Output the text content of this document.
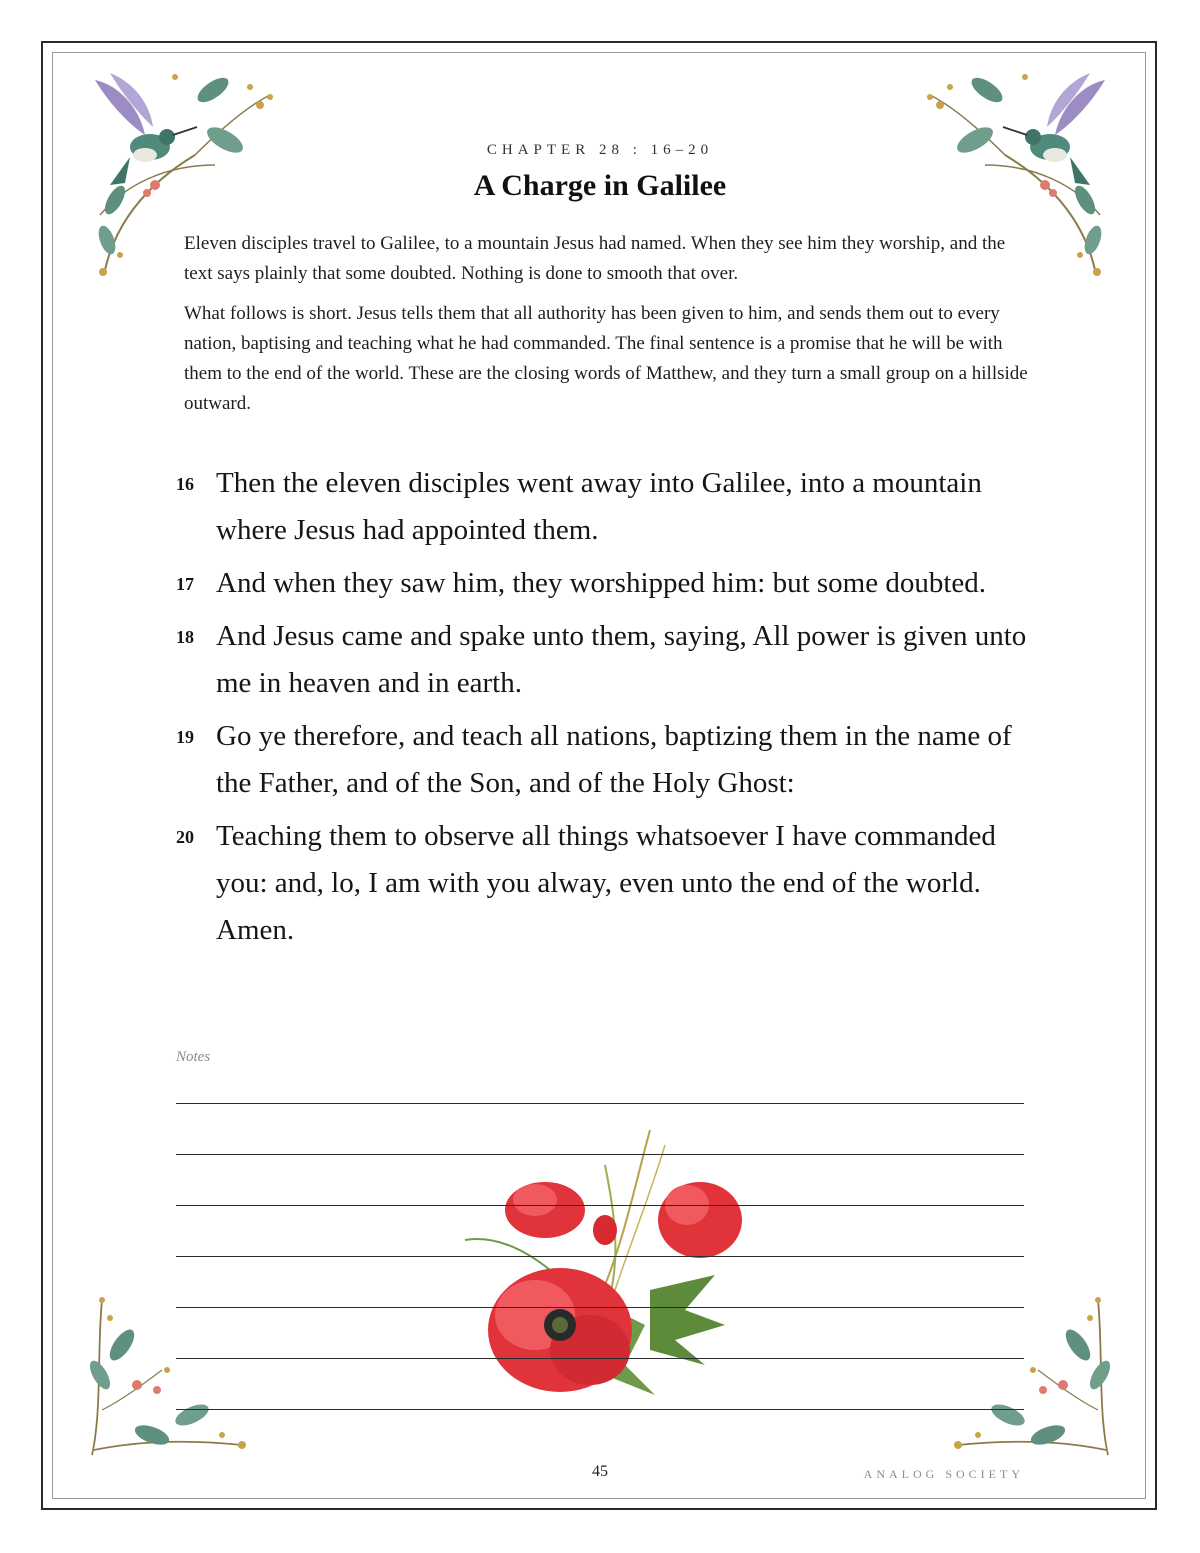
CHAPTER 28 : 16–20
A Charge in Galilee

Eleven disciples travel to Galilee, to a mountain Jesus had named. When they see him they worship, and the text says plainly that some doubted. Nothing is done to smooth that over.

What follows is short. Jesus tells them that all authority has been given to him, and sends them out to every nation, baptising and teaching what he had commanded. The final sentence is a promise that he will be with them to the end of the world. These are the closing words of Matthew, and they turn a small group on a hillside outward.

16 Then the eleven disciples went away into Galilee, into a mountain where Jesus had appointed them.
17 And when they saw him, they worshipped him: but some doubted.
18 And Jesus came and spake unto them, saying, All power is given unto me in heaven and in earth.
19 Go ye therefore, and teach all nations, baptizing them in the name of the Father, and of the Son, and of the Holy Ghost:
20 Teaching them to observe all things whatsoever I have commanded you: and, lo, I am with you alway, even unto the end of the world. Amen.
Notes
45	ANALOG SOCIETY
